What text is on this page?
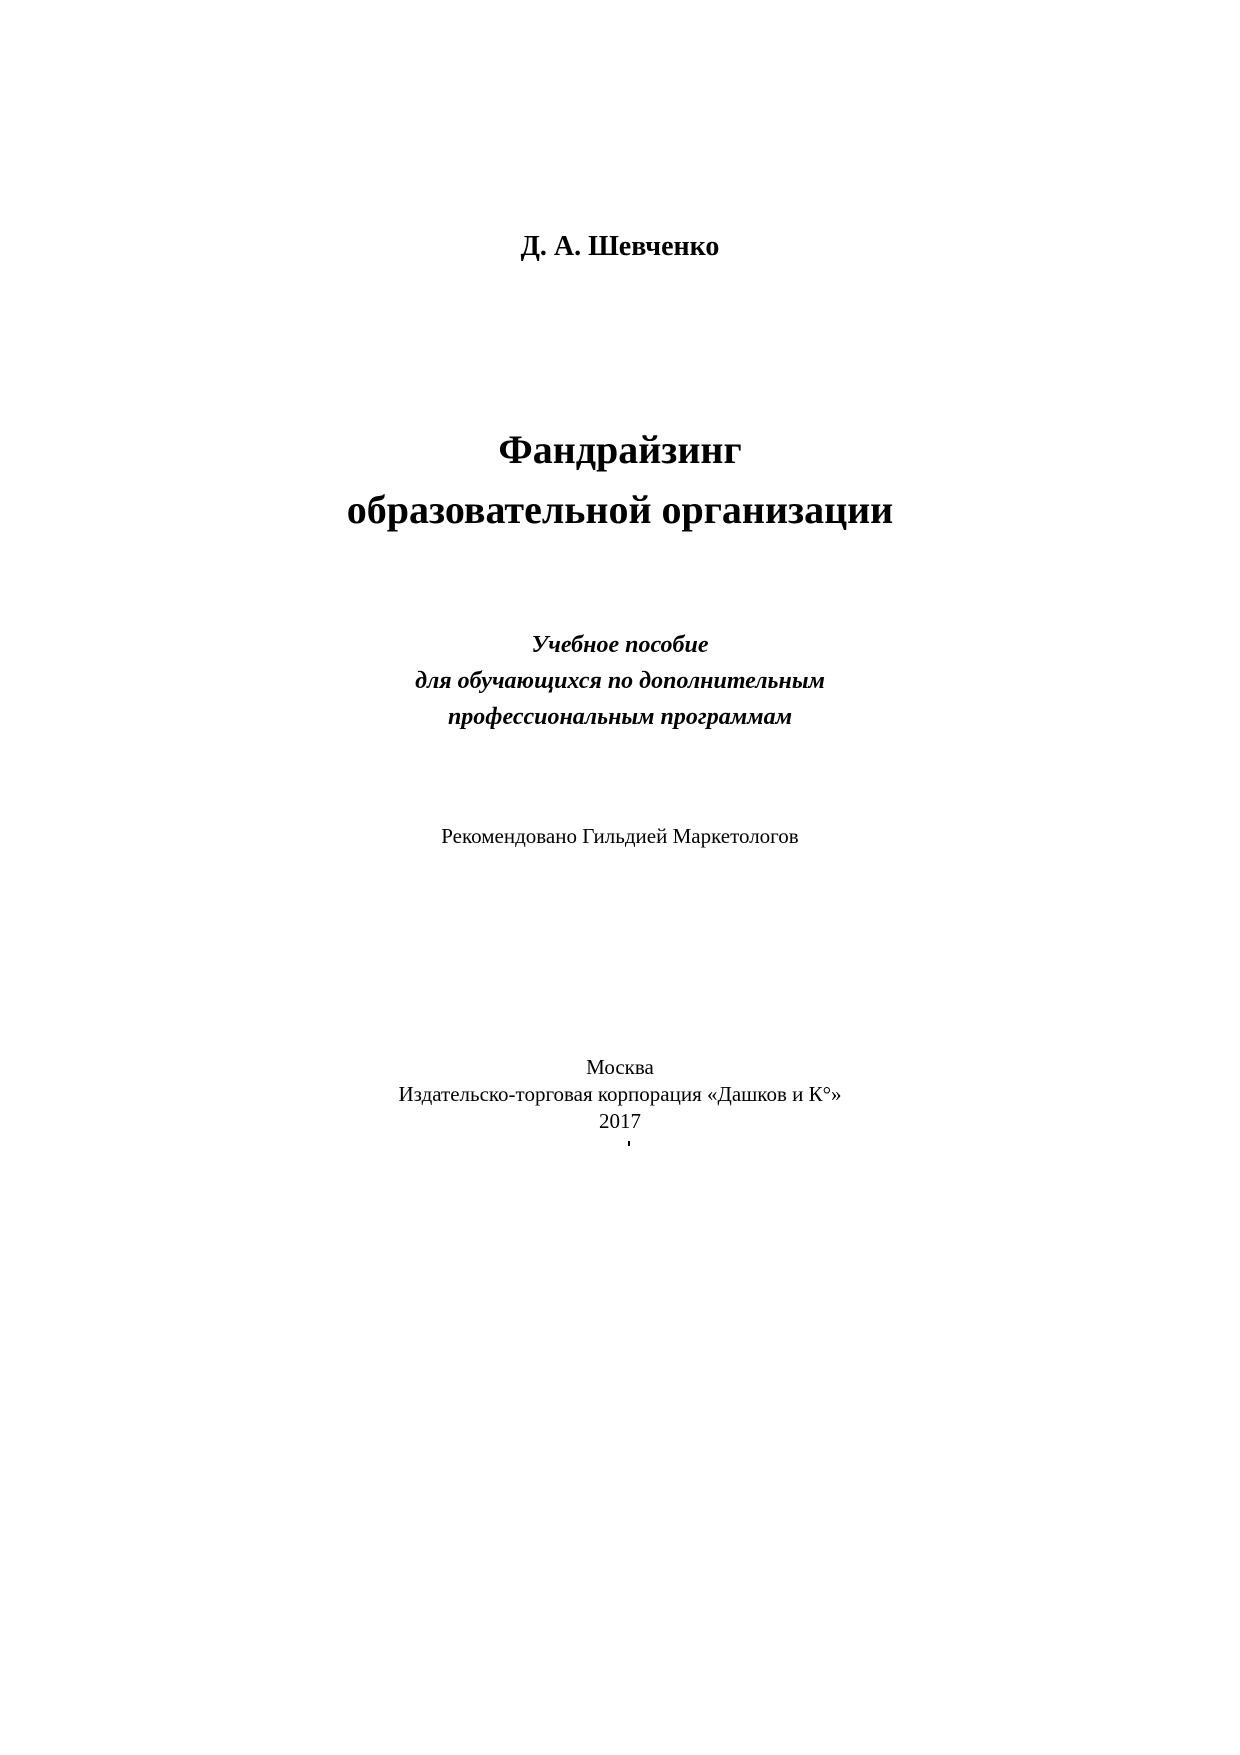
Д. А. Шевченко
Фандрайзинг
образовательной организации
Учебное пособие
для обучающихся по дополнительным
профессиональным программам
Рекомендовано Гильдией Маркетологов
Москва
Издательско-торговая корпорация «Дашков и К°»
2017
